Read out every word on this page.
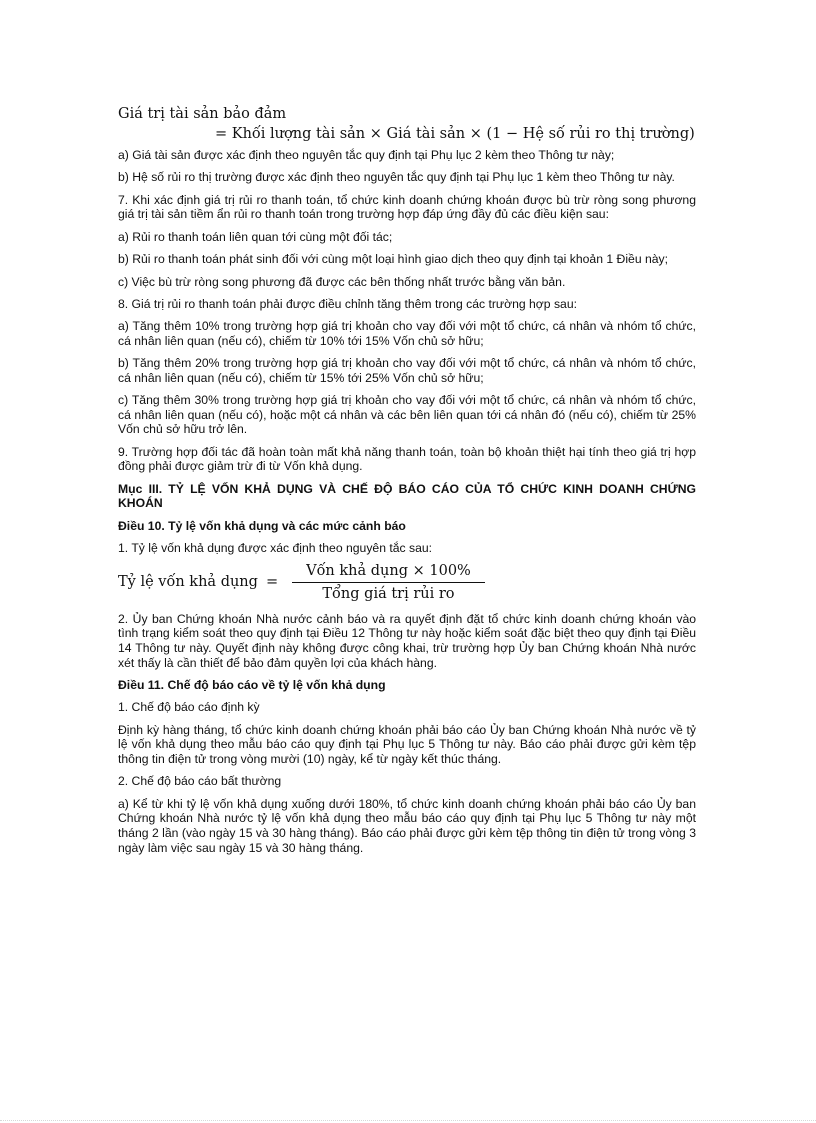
Giá trị tài sản bảo đảm

= Khối lượng tài sản × Giá tài sản × (1 − Hệ số rủi ro thị trường)

a) Giá tài sản được xác định theo nguyên tắc quy định tại Phụ lục 2 kèm theo Thông tư này;

b) Hệ số rủi ro thị trường được xác định theo nguyên tắc quy định tại Phụ lục 1 kèm theo Thông tư này.

7. Khi xác định giá trị rủi ro thanh toán, tổ chức kinh doanh chứng khoán được bù trừ ròng song phương giá trị tài sản tiềm ẩn rủi ro thanh toán trong trường hợp đáp ứng đầy đủ các điều kiện sau:

a) Rủi ro thanh toán liên quan tới cùng một đối tác;

b) Rủi ro thanh toán phát sinh đối với cùng một loại hình giao dịch theo quy định tại khoản 1 Điều này;

c) Việc bù trừ ròng song phương đã được các bên thống nhất trước bằng văn bản.

8. Giá trị rủi ro thanh toán phải được điều chỉnh tăng thêm trong các trường hợp sau:

a) Tăng thêm 10% trong trường hợp giá trị khoản cho vay đối với một tổ chức, cá nhân và nhóm tổ chức, cá nhân liên quan (nếu có), chiếm từ 10% tới 15% Vốn chủ sở hữu;

b) Tăng thêm 20% trong trường hợp giá trị khoản cho vay đối với một tổ chức, cá nhân và nhóm tổ chức, cá nhân liên quan (nếu có), chiếm từ 15% tới 25% Vốn chủ sở hữu;

c) Tăng thêm 30% trong trường hợp giá trị khoản cho vay đối với một tổ chức, cá nhân và nhóm tổ chức, cá nhân liên quan (nếu có), hoặc một cá nhân và các bên liên quan tới cá nhân đó (nếu có), chiếm từ 25% Vốn chủ sở hữu trở lên.

9. Trường hợp đối tác đã hoàn toàn mất khả năng thanh toán, toàn bộ khoản thiệt hại tính theo giá trị hợp đồng phải được giảm trừ đi từ Vốn khả dụng.

Mục III. TỶ LỆ VỐN KHẢ DỤNG VÀ CHẾ ĐỘ BÁO CÁO CỦA TỔ CHỨC KINH DOANH CHỨNG KHOÁN

Điều 10. Tỷ lệ vốn khả dụng và các mức cảnh báo

1. Tỷ lệ vốn khả dụng được xác định theo nguyên tắc sau:

Tỷ lệ vốn khả dụng = $\frac{\text{Vốn khả dụng × 100\%}}{\text{Tổng giá trị rủi ro}}$

2. Ủy ban Chứng khoán Nhà nước cảnh báo và ra quyết định đặt tổ chức kinh doanh chứng khoán vào tình trạng kiểm soát theo quy định tại Điều 12 Thông tư này hoặc kiểm soát đặc biệt theo quy định tại Điều 14 Thông tư này. Quyết định này không được công khai, trừ trường hợp Ủy ban Chứng khoán Nhà nước xét thấy là cần thiết để bảo đảm quyền lợi của khách hàng.

Điều 11. Chế độ báo cáo về tỷ lệ vốn khả dụng

1. Chế độ báo cáo định kỳ

Định kỳ hàng tháng, tổ chức kinh doanh chứng khoán phải báo cáo Ủy ban Chứng khoán Nhà nước về tỷ lệ vốn khả dụng theo mẫu báo cáo quy định tại Phụ lục 5 Thông tư này. Báo cáo phải được gửi kèm tệp thông tin điện tử trong vòng mười (10) ngày, kể từ ngày kết thúc tháng.

2. Chế độ báo cáo bất thường

a) Kể từ khi tỷ lệ vốn khả dụng xuống dưới 180%, tổ chức kinh doanh chứng khoán phải báo cáo Ủy ban Chứng khoán Nhà nước tỷ lệ vốn khả dụng theo mẫu báo cáo quy định tại Phụ lục 5 Thông tư này một tháng 2 lần (vào ngày 15 và 30 hàng tháng). Báo cáo phải được gửi kèm tệp thông tin điện tử trong vòng 3 ngày làm việc sau ngày 15 và 30 hàng tháng.
